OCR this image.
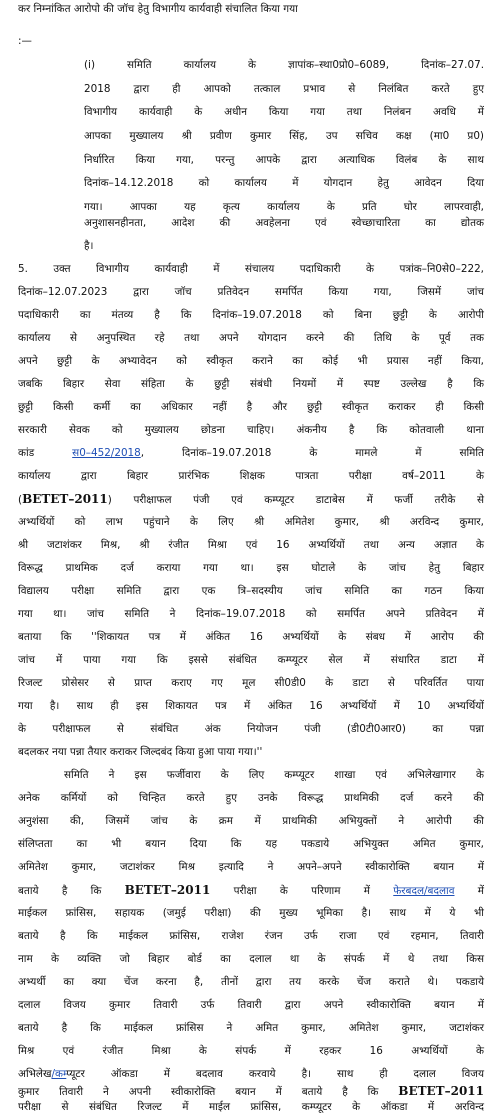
कर निम्नांकित आरोपो की जॉच हेतु विभागीय कार्यवाही संचालित किया गया

:—

(i) समिति कार्यालय के ज्ञापांक–स्था0प्रो0–6089, दिनांक–27.07.

2018 द्वारा ही आपको तत्काल प्रभाव से निलंबित करते हुए

विभागीय कार्यवाही के अधीन किया गया तथा निलंबन अवधि में

आपका मुख्यालय श्री प्रवीण कुमार सिंह, उप सचिव कक्ष (मा0 प्र0)

निर्धारित किया गया, परन्तु आपके द्वारा अत्याधिक विलंब के साथ

दिनांक–14.12.2018 को कार्यालय में योगदान हेतु आवेदन दिया

गया। आपका यह कृत्य कार्यालय के प्रति घोर लापरवाही,

अनुशासनहीनता, आदेश की अवहेलना एवं स्वेच्छाचारिता का द्योतक

है।

5. उक्त विभागीय कार्यवाही में संचालय पदाधिकारी के पत्रांक–नि0से0–222,

दिनांक–12.07.2023 द्वारा जॉच प्रतिवेदन समर्पित किया गया, जिसमें जांच

पदाधिकारी का मंतव्य है कि दिनांक–19.07.2018 को बिना छुट्टी के आरोपी

कार्यालय से अनुपस्थित रहे तथा अपने योगदान करने की तिथि के पूर्व तक

अपने छुट्टी के अभ्यावेदन को स्वीकृत कराने का कोई भी प्रयास नहीं किया,

जबकि बिहार सेवा संहिता के छुट्टी संबंधी नियमों में स्पष्ट उल्लेख है कि

छुट्टी किसी कर्मी का अधिकार नहीं है और छुट्टी स्वीकृत कराकर ही किसी

सरकारी सेवक को मुख्यालय छोडना चाहिए। अंकनीय है कि कोतवाली थाना

कांड स0–452/2018, दिनांक–19.07.2018 के मामले में समिति

कार्यालय द्वारा बिहार प्रारंभिक शिक्षक पात्रता परीक्षा वर्ष–2011 के

(BETET–2011) परीक्षाफल पंजी एवं कम्प्यूटर डाटाबेस में फर्जी तरीके से

अभ्यर्थियों को लाभ पहुंचाने के लिए श्री अमितेश कुमार, श्री अरविन्द कुमार,

श्री जटाशंकर मिश्र, श्री रंजीत मिश्रा एवं 16 अभ्यर्थियों तथा अन्य अज्ञात के

विरूद्ध प्राथमिक दर्ज कराया गया था। इस घोटाले के जांच हेतु बिहार

विद्यालय परीक्षा समिति द्वारा एक त्रि–सदस्यीय जांच समिति का गठन किया

गया था। जांच समिति ने दिनांक–19.07.2018 को समर्पित अपने प्रतिवेदन में

बताया कि ''शिकायत पत्र में अंकित 16 अभ्यर्थियों के संबध में आरोप की

जांच में पाया गया कि इससे संबंधित कम्प्यूटर सेल में संधारित डाटा में

रिजल्ट प्रोसेसर से प्राप्त कराए गए मूल सी0डी0 के डाटा से परिवर्तित पाया

गया है। साथ ही इस शिकायत पत्र में अंकित 16 अभ्यर्थियों में 10 अभ्यर्थियों

के परीक्षाफल से संबंधित अंक नियोजन पंजी (डी0टी0आर0) का पन्ना

बदलकर नया पन्ना तैयार कराकर जिल्दबंद किया हुआ पाया गया।''

समिति ने इस फर्जीवारा के लिए कम्प्यूटर शाखा एवं अभिलेखागार के

अनेक कर्मियों को चिन्हित करते हुए उनके विरूद्ध प्राथमिकी दर्ज करने की

अनुशंसा की, जिसमें जांच के क्रम में प्राथमिकी अभियुक्तों ने आरोपी की

संलिप्तता का भी बयान दिया कि यह पकडाये अभियुक्त अमित कुमार,

अमितेश कुमार, जटाशंकर मिश्र इत्यादि ने अपने–अपने स्वीकारोक्ति बयान में

बताये है कि BETET–2011 परीक्षा के परिणाम में फेरबदल/बदलाव में

माईकल फ्रांसिस, सहायक (जमुई परीक्षा) की मुख्य भूमिका है। साथ में ये भी

बताये है कि माईकल फ्रांसिस, राजेश रंजन उर्फ राजा एवं रहमान, तिवारी

नाम के व्यक्ति जो बिहार बोर्ड का दलाल था के संपर्क में थे तथा किस

अभ्यर्थी का क्या चेंज करना है, तीनों द्वारा तय करके चेंज कराते थे। पकडाये

दलाल विजय कुमार तिवारी उर्फ तिवारी द्वारा अपने स्वीकारोक्ति बयान में

बताये है कि माईकल फ्रांसिस ने अमित कुमार, अमितेश कुमार, जटाशंकर

मिश्र एवं रंजीत मिश्रा के संपर्क में रहकर 16 अभ्यर्थियों के

अभिलेख/कम्प्यूटर ऑकडा में बदलाव करवाये है। साथ ही दलाल विजय

कुमार तिवारी ने अपनी स्वीकारोक्ति बयान में बताये है कि BETET–2011

परीक्षा से संबंधित रिजल्ट में माईल फ्रांसिस, कम्प्यूटर के ऑकडा में अरविन्द
